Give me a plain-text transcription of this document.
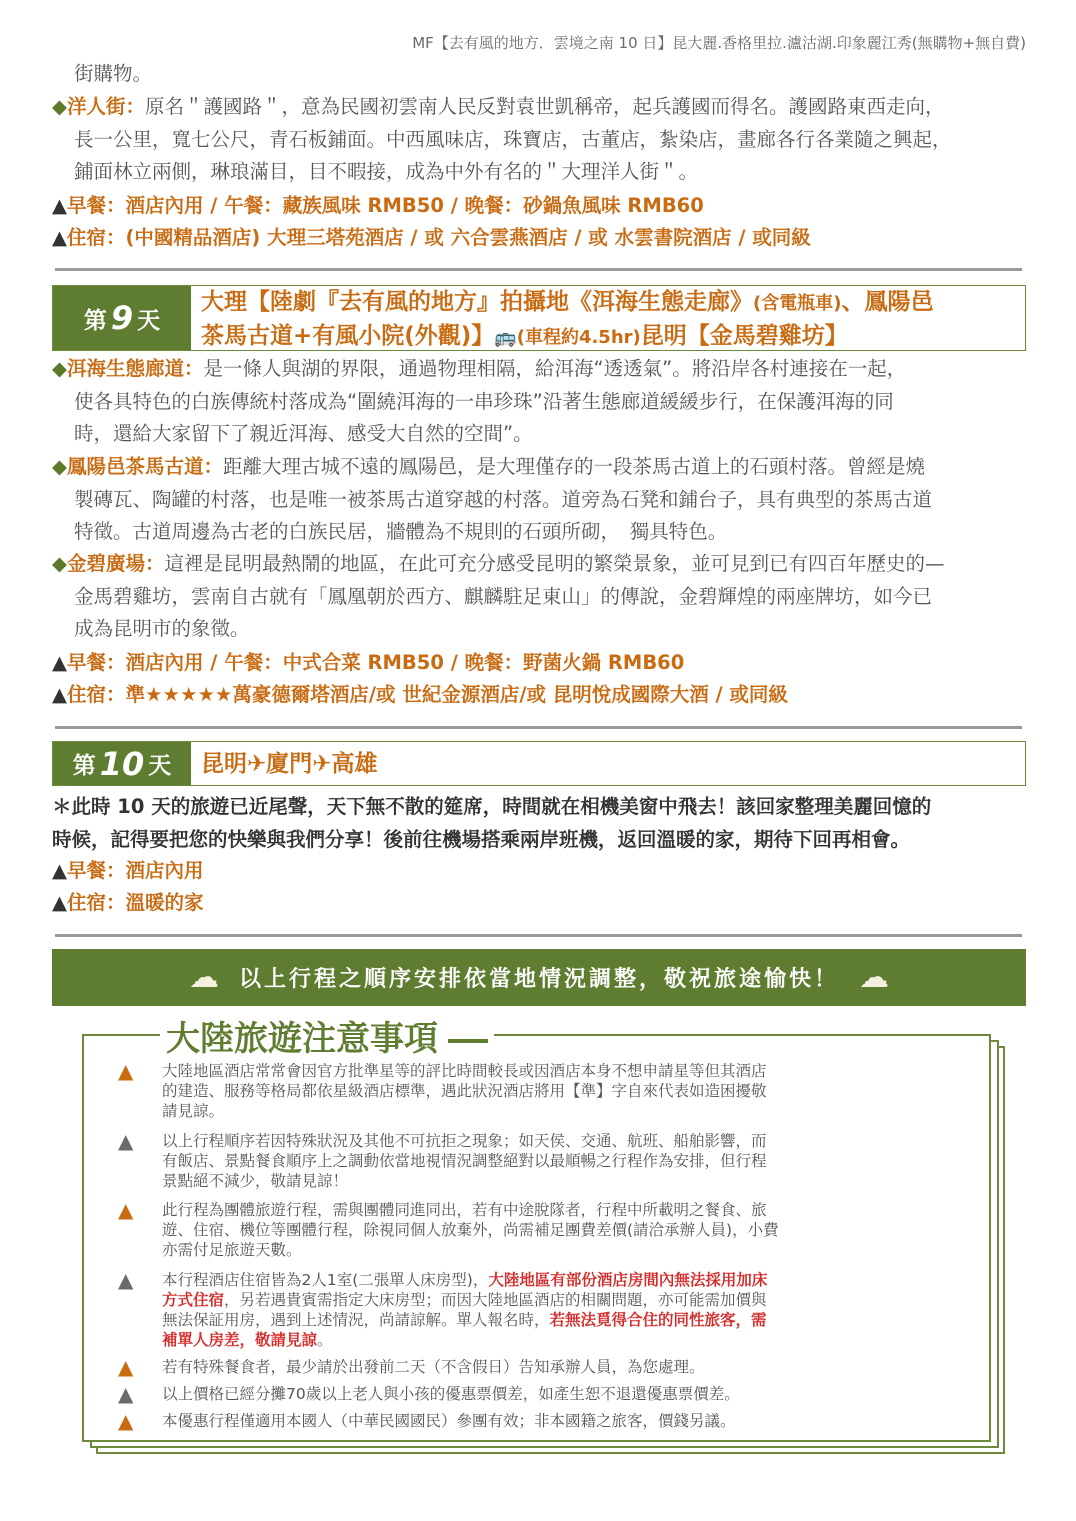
MF【去有風的地方．雲境之南 10 日】昆大麗.香格里拉.瀘沽湖.印象麗江秀(無購物+無自費)
街購物。
◆洋人街：原名＂護國路＂，意為民國初雲南人民反對袁世凱稱帝，起兵護國而得名。護國路東西走向，
長一公里，寬七公尺，青石板鋪面。中西風味店，珠寶店，古董店，紮染店，畫廊各行各業隨之興起，
鋪面林立兩側，琳琅滿目，目不暇接，成為中外有名的＂大理洋人街＂。
▲早餐：酒店內用 / 午餐：藏族風味 RMB50 / 晚餐：砂鍋魚風味 RMB60
▲住宿：(中國精品酒店) 大理三塔苑酒店 / 或 六合雲燕酒店 / 或 水雲書院酒店 / 或同級
第 9 天
大理【陸劇『去有風的地方』拍攝地《洱海生態走廊》(含電瓶車)、鳳陽邑
茶馬古道+有風小院(外觀)】🚌(車程約4.5hr)昆明【金馬碧雞坊】
◆洱海生態廊道：是一條人與湖的界限，通過物理相隔，給洱海“透透氣”。將沿岸各村連接在一起，
使各具特色的白族傳統村落成為“圍繞洱海的一串珍珠”沿著生態廊道緩緩步行，在保護洱海的同
時，還給大家留下了親近洱海、感受大自然的空間”。
◆鳳陽邑茶馬古道：距離大理古城不遠的鳳陽邑，是大理僅存的一段茶馬古道上的石頭村落。曾經是燒
製磚瓦、陶罐的村落，也是唯一被茶馬古道穿越的村落。道旁為石凳和鋪台子，具有典型的茶馬古道
特徵。古道周邊為古老的白族民居，牆體為不規則的石頭所砌，　獨具特色。
◆金碧廣場：這裡是昆明最熱鬧的地區，在此可充分感受昆明的繁榮景象，並可見到已有四百年歷史的—
金馬碧雞坊，雲南自古就有「鳳凰朝於西方、麒麟駐足東山」的傳說，金碧輝煌的兩座牌坊，如今已
成為昆明市的象徵。
▲早餐：酒店內用 / 午餐：中式合菜 RMB50 / 晚餐：野菌火鍋 RMB60
▲住宿：準★★★★★萬豪德爾塔酒店/或 世紀金源酒店/或 昆明悅成國際大酒 / 或同級
第 10 天	昆明✈廈門✈高雄
＊此時 10 天的旅遊已近尾聲，天下無不散的筵席，時間就在相機美窗中飛去！該回家整理美麗回憶的
時候，記得要把您的快樂與我們分享！後前往機場搭乘兩岸班機，返回溫暖的家，期待下回再相會。
▲早餐：酒店內用
▲住宿：溫暖的家
☁ 以上行程之順序安排依當地情況調整，敬祝旅途愉快！ ☁
大陸旅遊注意事項
▲	大陸地區酒店常常會因官方批準星等的評比時間較長或因酒店本身不想申請星等但其酒店
的建造、服務等格局都依星級酒店標準，遇此狀況酒店將用【準】字自來代表如造困擾敬
請見諒。
▲	以上行程順序若因特殊狀況及其他不可抗拒之現象；如天侯、交通、航班、船舶影響，而
有飯店、景點餐食順序上之調動依當地視情況調整絕對以最順暢之行程作為安排，但行程
景點絕不減少，敬請見諒！
▲	此行程為團體旅遊行程，需與團體同進同出，若有中途脫隊者，行程中所載明之餐食、旅
遊、住宿、機位等團體行程，除視同個人放棄外，尚需補足團費差價(請洽承辦人員)，小費
亦需付足旅遊天數。
▲	本行程酒店住宿皆為2人1室(二張單人床房型)，大陸地區有部份酒店房間內無法採用加床
方式住宿，另若遇貴賓需指定大床房型；而因大陸地區酒店的相關問題，亦可能需加價與
無法保証用房，遇到上述情況，尚請諒解。單人報名時，若無法覓得合住的同性旅客，需
補單人房差，敬請見諒。
▲	若有特殊餐食者，最少請於出發前二天（不含假日）告知承辦人員，為您處理。
▲	以上價格已經分攤70歲以上老人與小孩的優惠票價差，如產生恕不退還優惠票價差。
▲	本優惠行程僅適用本國人（中華民國國民）參團有效；非本國籍之旅客，價錢另議。
